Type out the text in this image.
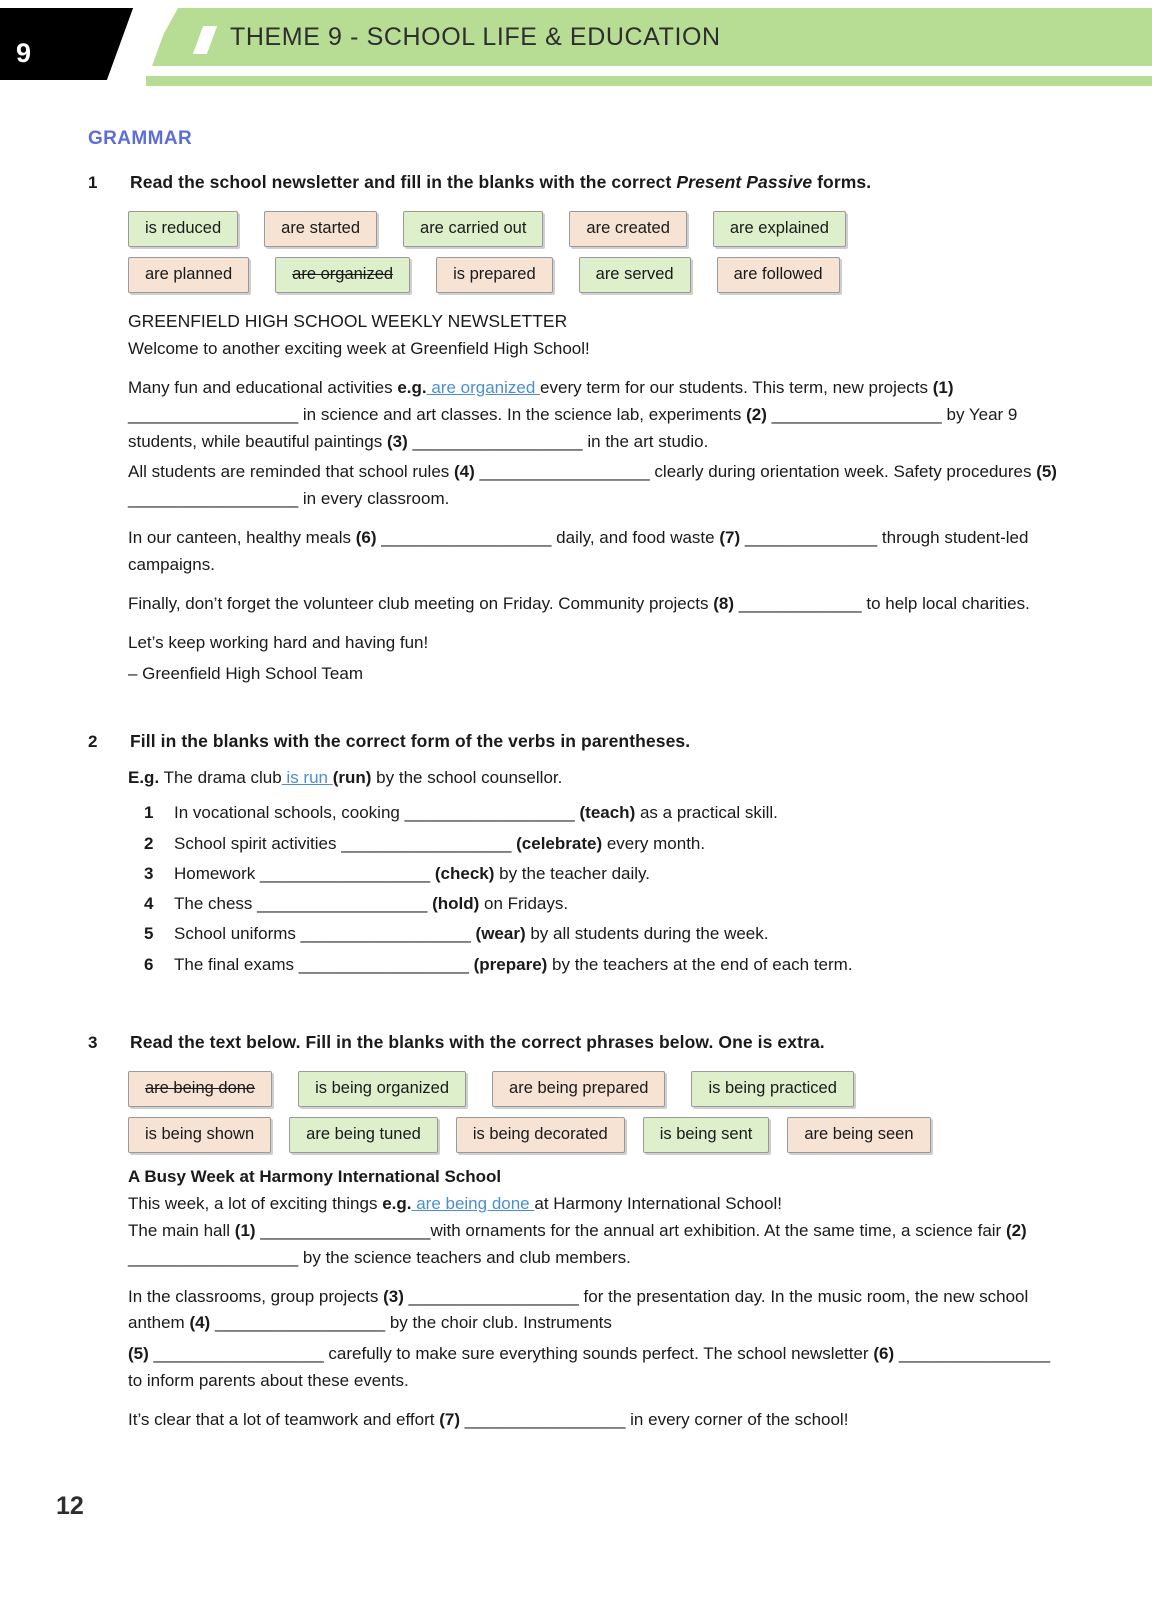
9
THEME 9 - SCHOOL LIFE & EDUCATION
GRAMMAR
1	Read the school newsletter and fill in the blanks with the correct Present Passive forms.
is reduced	are started	are carried out	are created	are explained
are planned	are organized	is prepared	are served	are followed
GREENFIELD HIGH SCHOOL WEEKLY NEWSLETTER
Welcome to another exciting week at Greenfield High School!
Many fun and educational activities e.g. are organized every term for our students. This term, new projects (1) __________________ in science and art classes. In the science lab, experiments (2) __________________ by Year 9 students, while beautiful paintings (3) __________________ in the art studio.
All students are reminded that school rules (4) __________________ clearly during orientation week. Safety procedures (5) __________________ in every classroom.
In our canteen, healthy meals (6) __________________ daily, and food waste (7) ______________ through student-led campaigns.
Finally, don’t forget the volunteer club meeting on Friday. Community projects (8) _____________ to help local charities.
Let’s keep working hard and having fun!
– Greenfield High School Team
2	Fill in the blanks with the correct form of the verbs in parentheses.
E.g. The drama club is run (run) by the school counsellor.
1	In vocational schools, cooking __________________ (teach) as a practical skill.
2	School spirit activities __________________ (celebrate) every month.
3	Homework __________________ (check) by the teacher daily.
4	The chess __________________ (hold) on Fridays.
5	School uniforms __________________ (wear) by all students during the week.
6	The final exams __________________ (prepare) by the teachers at the end of each term.
3	Read the text below. Fill in the blanks with the correct phrases below. One is extra.
are being done	is being organized	are being prepared	is being practiced
is being shown	are being tuned	is being decorated	is being sent	are being seen
A Busy Week at Harmony International School
This week, a lot of exciting things e.g. are being done at Harmony International School!
The main hall (1) __________________with ornaments for the annual art exhibition. At the same time, a science fair (2) __________________ by the science teachers and club members.
In the classrooms, group projects (3) __________________ for the presentation day. In the music room, the new school anthem (4) __________________ by the choir club. Instruments
(5) __________________ carefully to make sure everything sounds perfect. The school newsletter (6) ________________ to inform parents about these events.
It’s clear that a lot of teamwork and effort (7) _________________ in every corner of the school!
12
